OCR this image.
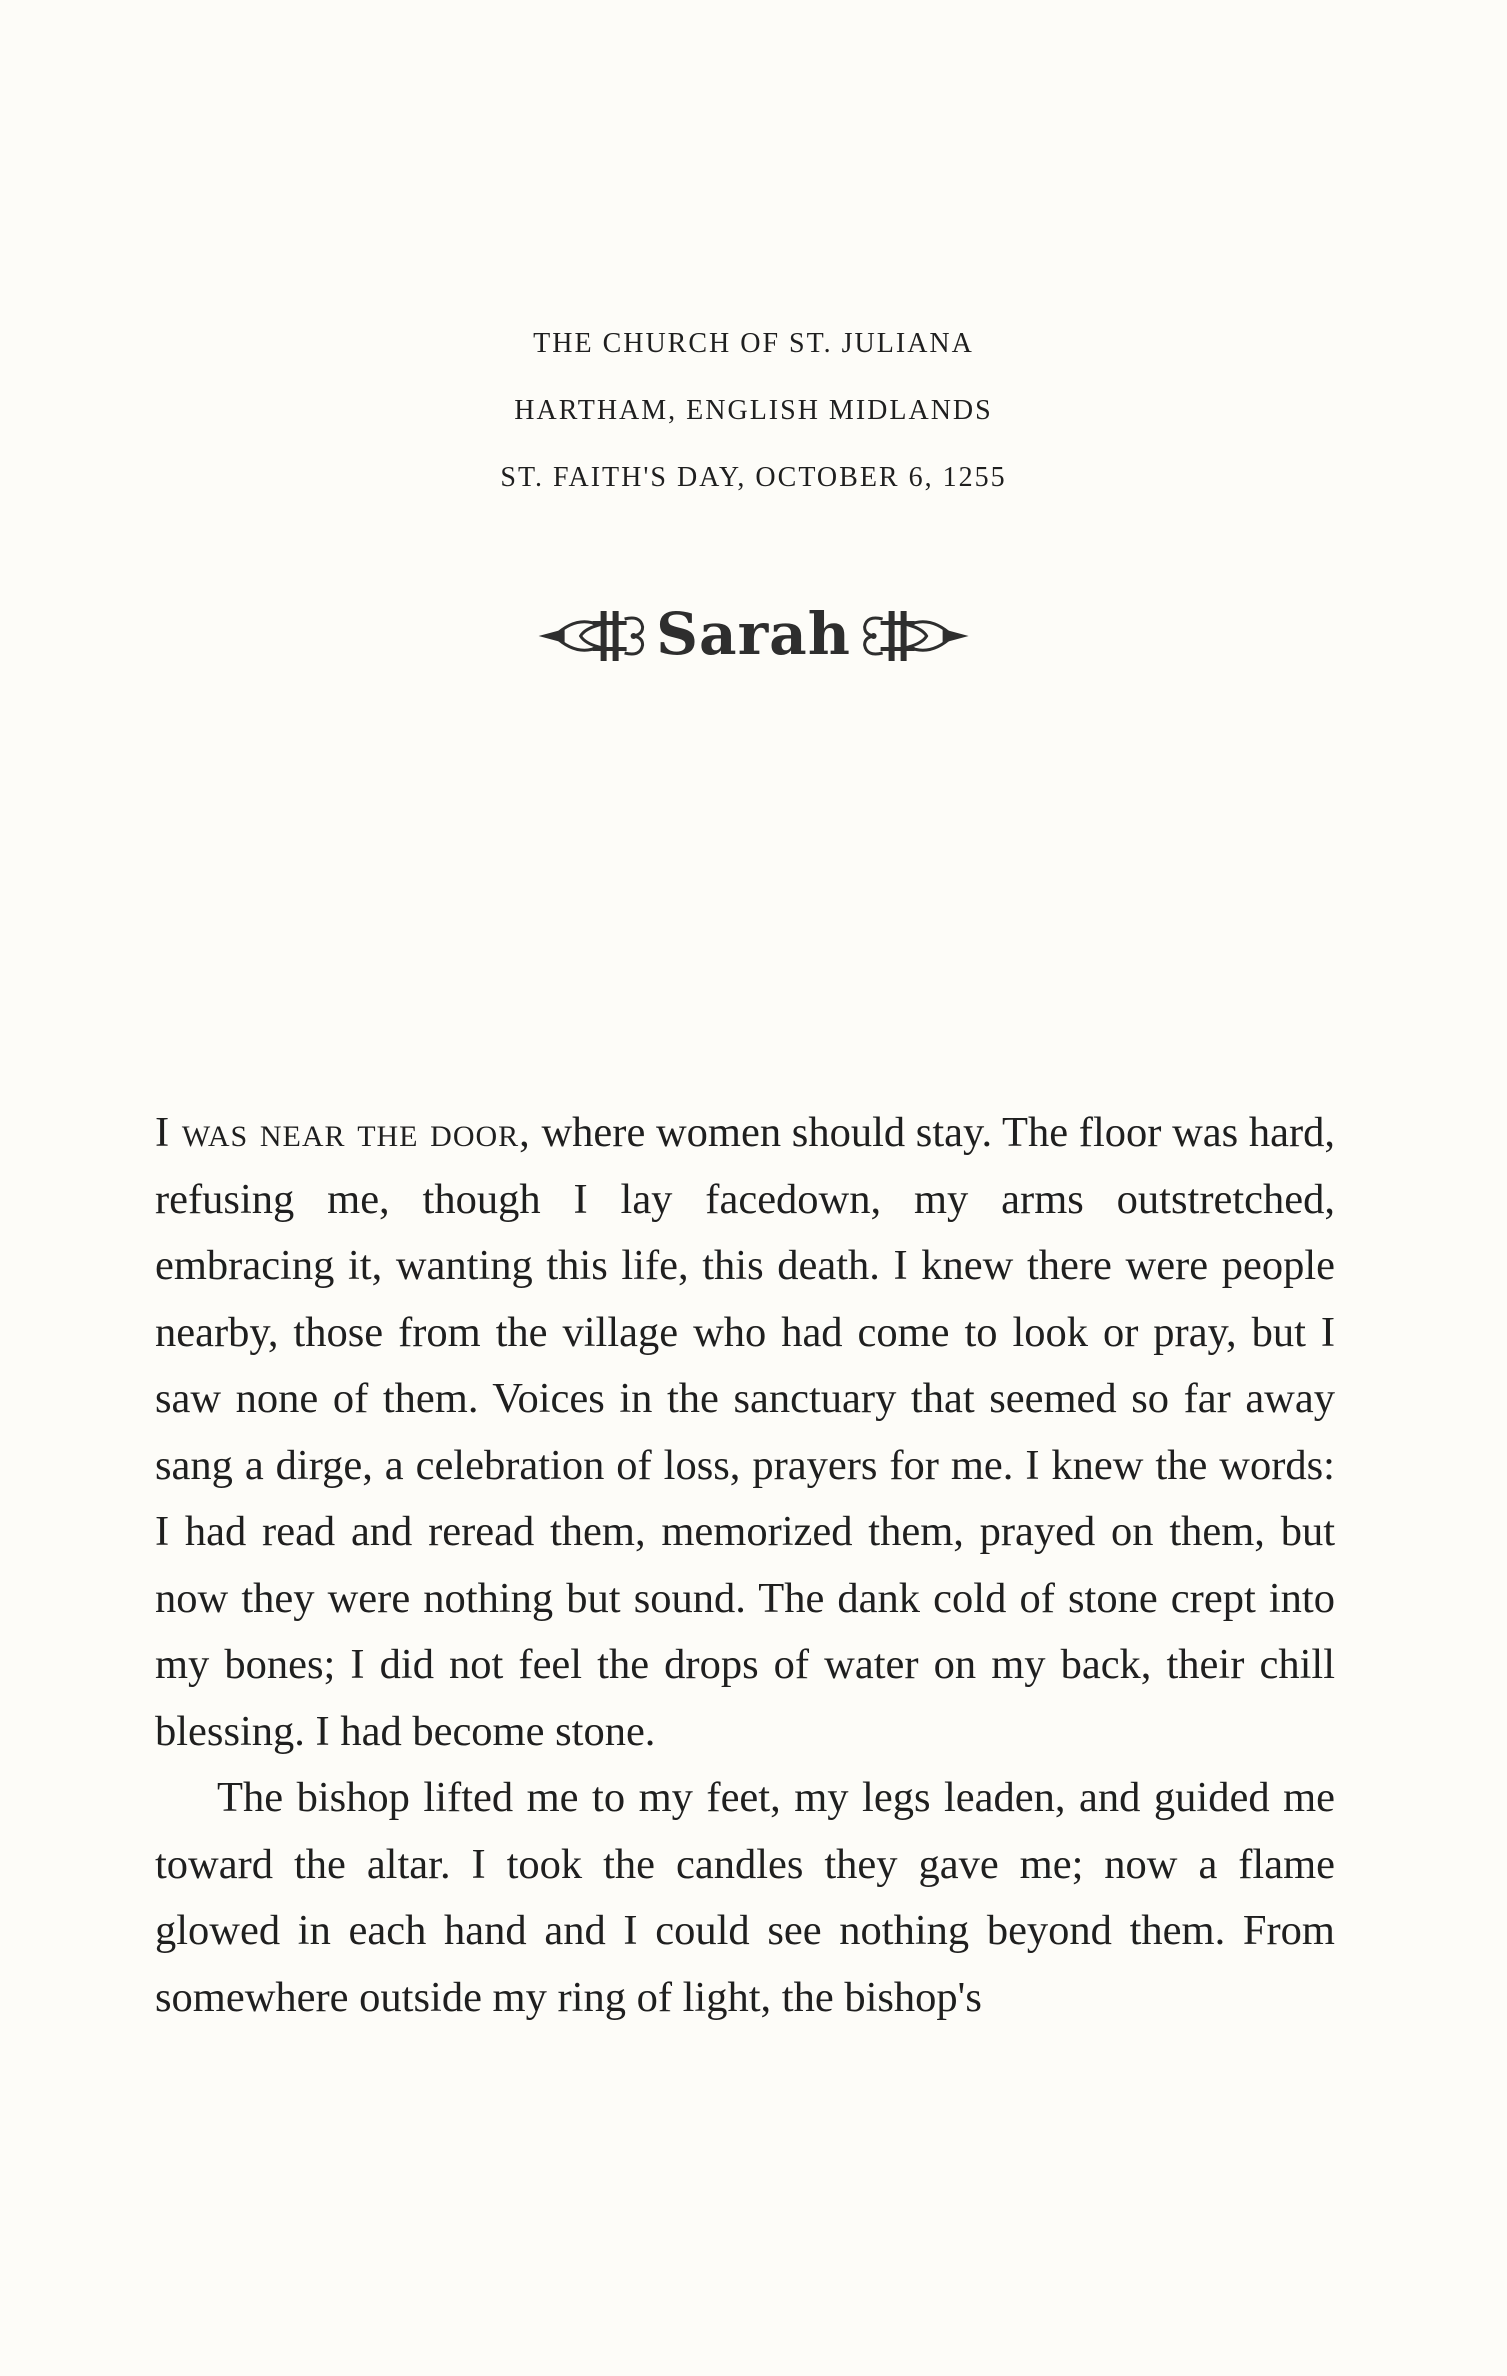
THE CHURCH OF ST. JULIANA
HARTHAM, ENGLISH MIDLANDS
ST. FAITH'S DAY, OCTOBER 6, 1255
Sarah

I was near the door, where women should stay. The floor was hard, refusing me, though I lay facedown, my arms outstretched, embracing it, wanting this life, this death. I knew there were people nearby, those from the village who had come to look or pray, but I saw none of them. Voices in the sanctuary that seemed so far away sang a dirge, a celebration of loss, prayers for me. I knew the words: I had read and reread them, memorized them, prayed on them, but now they were nothing but sound. The dank cold of stone crept into my bones; I did not feel the drops of water on my back, their chill blessing. I had become stone.

The bishop lifted me to my feet, my legs leaden, and guided me toward the altar. I took the candles they gave me; now a flame glowed in each hand and I could see nothing beyond them. From somewhere outside my ring of light, the bishop's
